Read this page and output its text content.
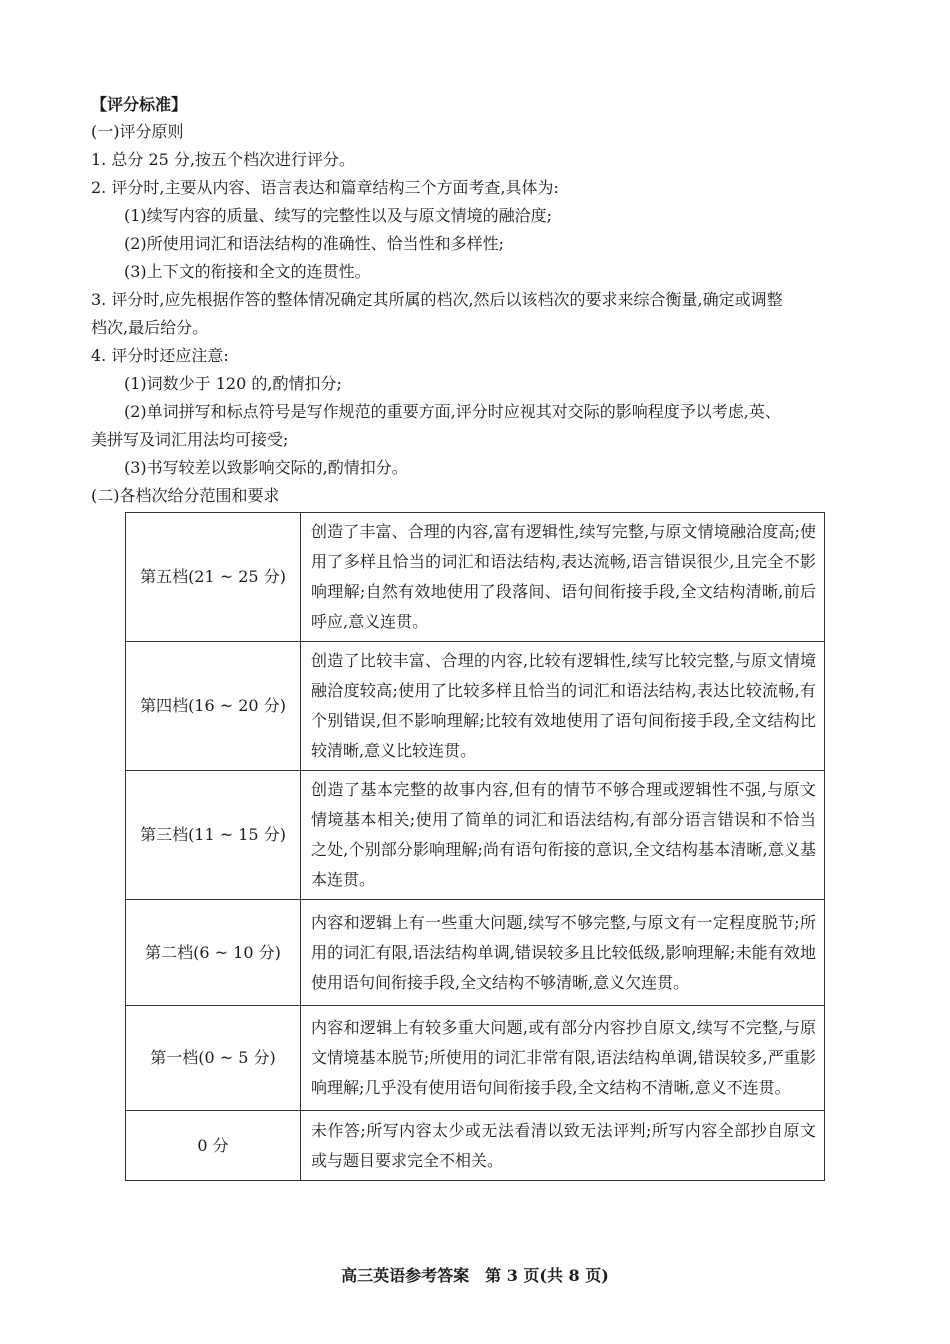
【评分标准】
(一)评分原则
1. 总分 25 分,按五个档次进行评分。
2. 评分时,主要从内容、语言表达和篇章结构三个方面考查,具体为:
(1)续写内容的质量、续写的完整性以及与原文情境的融洽度;
(2)所使用词汇和语法结构的准确性、恰当性和多样性;
(3)上下文的衔接和全文的连贯性。
3. 评分时,应先根据作答的整体情况确定其所属的档次,然后以该档次的要求来综合衡量,确定或调整
档次,最后给分。
4. 评分时还应注意:
(1)词数少于 120 的,酌情扣分;
(2)单词拼写和标点符号是写作规范的重要方面,评分时应视其对交际的影响程度予以考虑,英、
美拼写及词汇用法均可接受;
(3)书写较差以致影响交际的,酌情扣分。
(二)各档次给分范围和要求
第五档(21 ~ 25 分)	创造了丰富、合理的内容,富有逻辑性,续写完整,与原文情境融洽度高;使用了多样且恰当的词汇和语法结构,表达流畅,语言错误很少,且完全不影响理解;自然有效地使用了段落间、语句间衔接手段,全文结构清晰,前后呼应,意义连贯。
第四档(16 ~ 20 分)	创造了比较丰富、合理的内容,比较有逻辑性,续写比较完整,与原文情境融洽度较高;使用了比较多样且恰当的词汇和语法结构,表达比较流畅,有个别错误,但不影响理解;比较有效地使用了语句间衔接手段,全文结构比较清晰,意义比较连贯。
第三档(11 ~ 15 分)	创造了基本完整的故事内容,但有的情节不够合理或逻辑性不强,与原文情境基本相关;使用了简单的词汇和语法结构,有部分语言错误和不恰当之处,个别部分影响理解;尚有语句衔接的意识,全文结构基本清晰,意义基本连贯。
第二档(6 ~ 10 分)	内容和逻辑上有一些重大问题,续写不够完整,与原文有一定程度脱节;所用的词汇有限,语法结构单调,错误较多且比较低级,影响理解;未能有效地使用语句间衔接手段,全文结构不够清晰,意义欠连贯。
第一档(0 ~ 5 分)	内容和逻辑上有较多重大问题,或有部分内容抄自原文,续写不完整,与原文情境基本脱节;所使用的词汇非常有限,语法结构单调,错误较多,严重影响理解;几乎没有使用语句间衔接手段,全文结构不清晰,意义不连贯。
0 分	未作答;所写内容太少或无法看清以致无法评判;所写内容全部抄自原文或与题目要求完全不相关。
高三英语参考答案　第 3 页(共 8 页)
